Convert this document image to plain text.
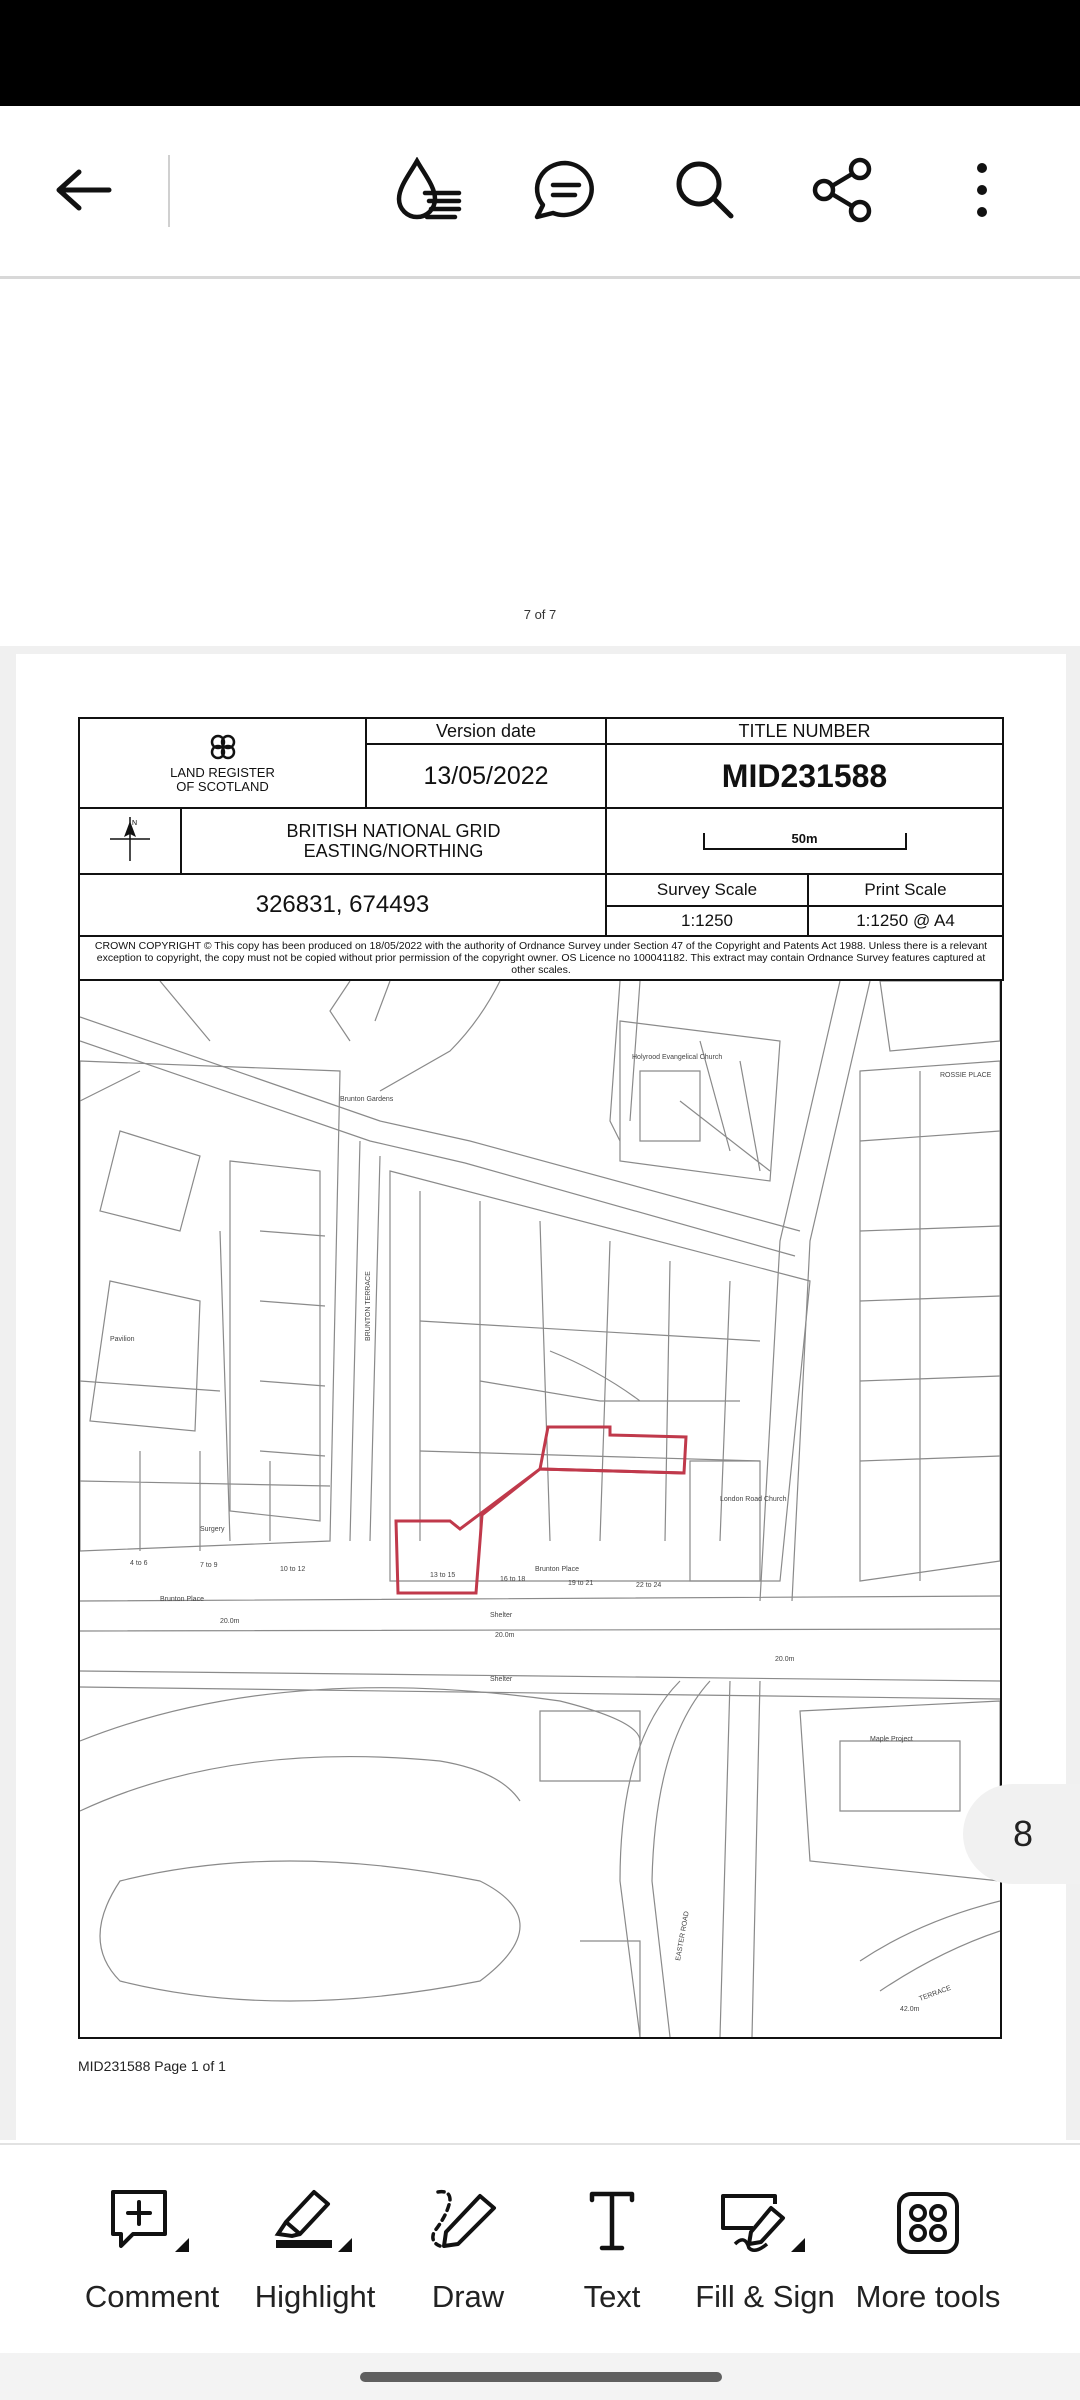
7 of 7
LAND REGISTER OF SCOTLAND		Version date	TITLE NUMBER	
		13/05/2022	MID231588	

N	BRITISH NATIONAL GRID EASTING/NORTHING		50m	

326831, 674493			Survey Scale	Print Scale
			1:1250	1:1250 @ A4
CROWN COPYRIGHT © This copy has been produced on 18/05/2022 with the authority of Ordnance Survey under Section 47 of the Copyright and Patents Act 1988. Unless there is a relevant exception to copyright, the copy must not be copied without prior permission of the copyright owner. OS Licence no 100041182. This extract may contain Ordnance Survey features captured at other scales.				
Holyrood Evangelical Church
ROSSIE PLACE
BRUNTON TERRACE
Brunton Place
Brunton Place
Brunton Gardens
Surgery
Pavilion
London Road Church
Maple Project
EASTER ROAD
TERRACE
Shelter
Shelter
13 to 15
16 to 18
19 to 21	22 to 24
7 to 9
10 to 12
4 to 6
20.0m
20.0m
20.0m
42.0m
MID231588 Page 1 of 1
8
Comment	Highlight	Draw	Text	Fill & Sign More tools
